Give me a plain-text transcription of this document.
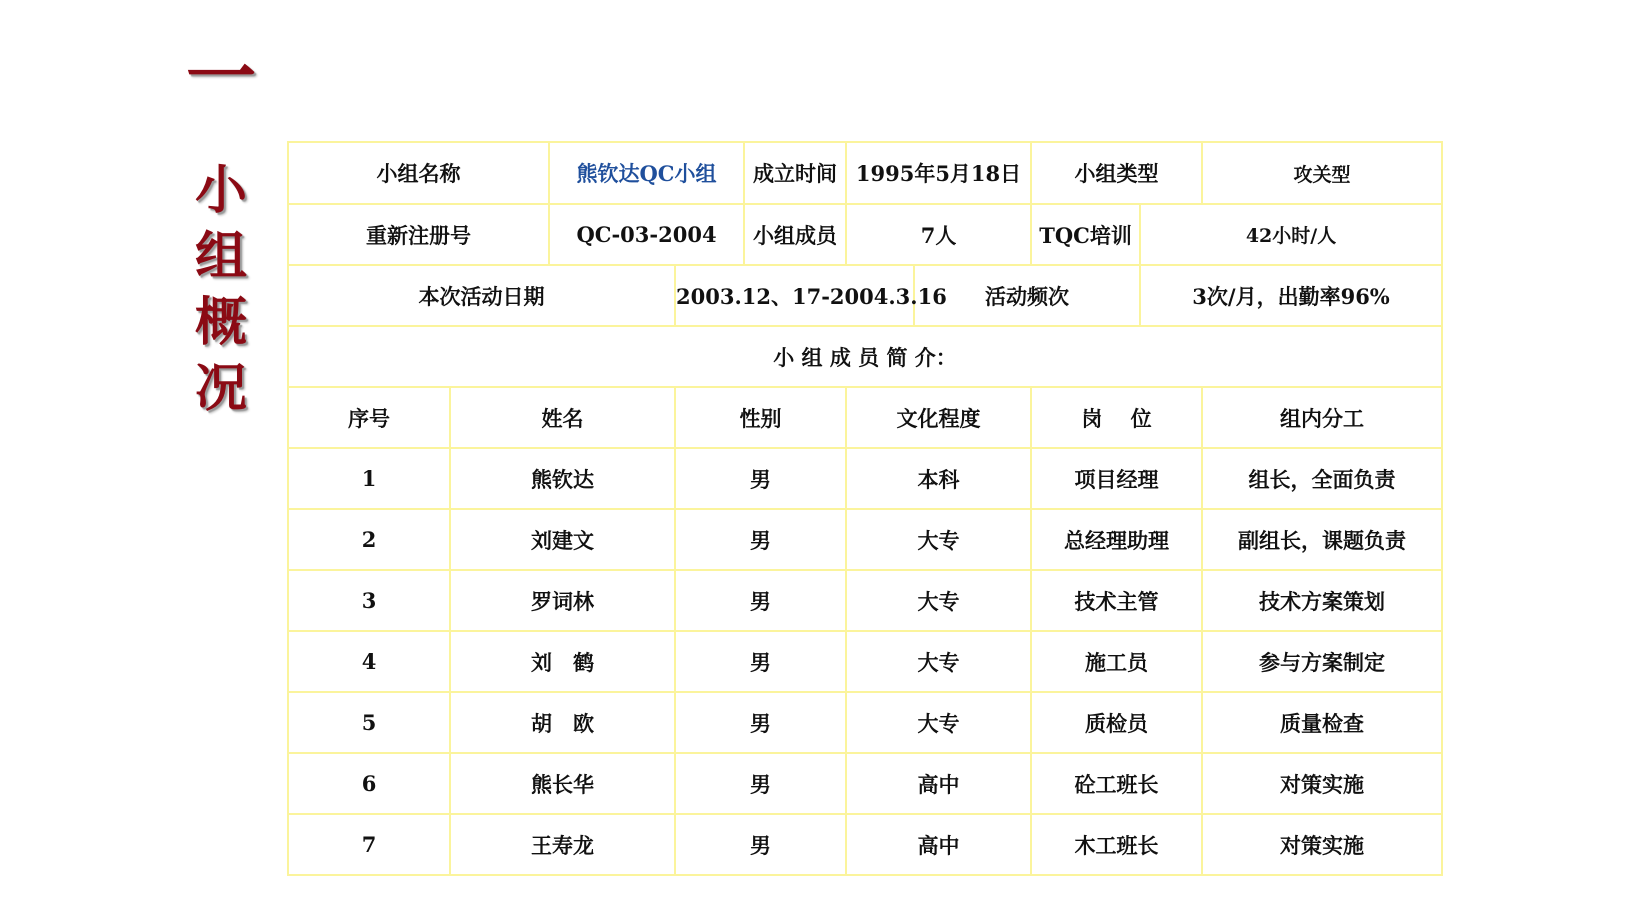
一
小
组
概
况
小组名称		熊钦达QC小组		成立时间	1995年5月18日		小组类型		攻关型
重新注册号		QC-03-2004		小组成员	7人		TQC培训	42小时/人	
本次活动日期			2003.12、17-2004.3.16			活动频次		3次/月，出勤率96%	
小 组 成 员 简 介：									
序号	姓名		性别		文化程度		岗　 位		组内分工
1	熊钦达		男		本科		项目经理		组长，全面负责
2	刘建文		男		大专		总经理助理		副组长，课题负责
3	罗词林		男		大专		技术主管		技术方案策划
4	刘　鹤		男		大专		施工员		参与方案制定
5	胡　欧		男		大专		质检员		质量检查
6	熊长华		男		高中		砼工班长		对策实施
7	王寿龙		男		高中		木工班长		对策实施
